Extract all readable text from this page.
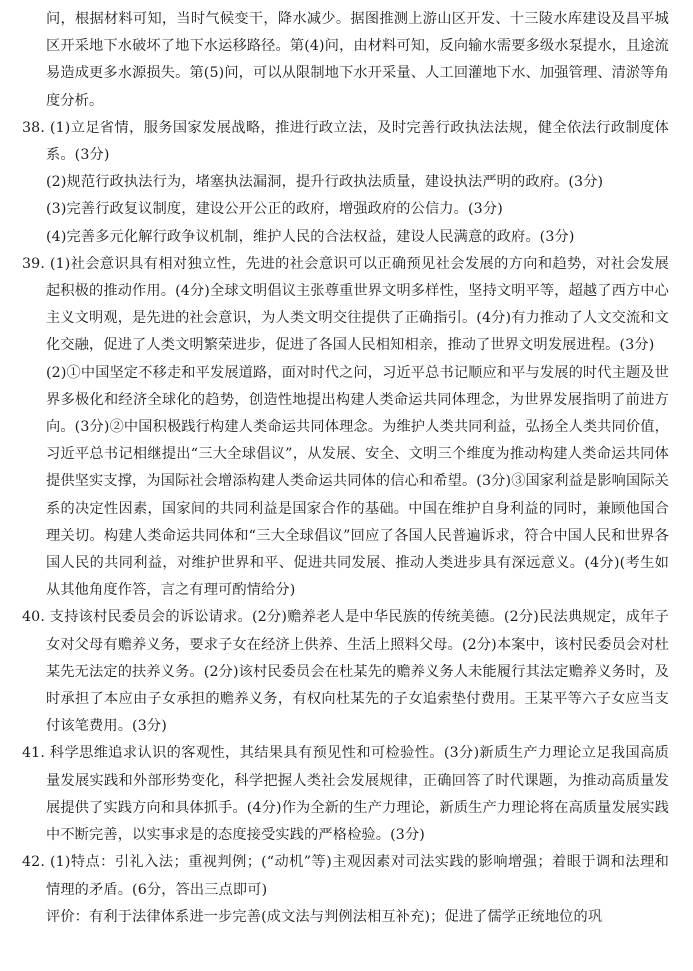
问，根据材料可知，当时气候变干，降水减少。据图推测上游山区开发、十三陵水库建设及昌平城区开采地下水破坏了地下水运移路径。第(4)问，由材料可知，反向输水需要多级水泵提水，且途流易造成更多水源损失。第(5)问，可以从限制地下水开采量、人工回灌地下水、加强管理、清淤等角度分析。

38. (1)立足省情，服务国家发展战略，推进行政立法，及时完善行政执法法规，健全依法行政制度体系。(3分)

(2)规范行政执法行为，堵塞执法漏洞，提升行政执法质量，建设执法严明的政府。(3分)

(3)完善行政复议制度，建设公开公正的政府，增强政府的公信力。(3分)

(4)完善多元化解行政争议机制，维护人民的合法权益，建设人民满意的政府。(3分)

39. (1)社会意识具有相对独立性，先进的社会意识可以正确预见社会发展的方向和趋势，对社会发展起积极的推动作用。(4分)全球文明倡议主张尊重世界文明多样性，坚持文明平等，超越了西方中心主义文明观，是先进的社会意识，为人类文明交往提供了正确指引。(4分)有力推动了人文交流和文化交融，促进了人类文明繁荣进步，促进了各国人民相知相亲，推动了世界文明发展进程。(3分)

(2)①中国坚定不移走和平发展道路，面对时代之问，习近平总书记顺应和平与发展的时代主题及世界多极化和经济全球化的趋势，创造性地提出构建人类命运共同体理念，为世界发展指明了前进方向。(3分)②中国积极践行构建人类命运共同体理念。为维护人类共同利益，弘扬全人类共同价值，习近平总书记相继提出“三大全球倡议”，从发展、安全、文明三个维度为推动构建人类命运共同体提供坚实支撑，为国际社会增添构建人类命运共同体的信心和希望。(3分)③国家利益是影响国际关系的决定性因素，国家间的共同利益是国家合作的基础。中国在维护自身利益的同时，兼顾他国合理关切。构建人类命运共同体和“三大全球倡议”回应了各国人民普遍诉求，符合中国人民和世界各国人民的共同利益，对维护世界和平、促进共同发展、推动人类进步具有深远意义。(4分)(考生如从其他角度作答，言之有理可酌情给分)

40. 支持该村民委员会的诉讼请求。(2分)赡养老人是中华民族的传统美德。(2分)民法典规定，成年子女对父母有赡养义务，要求子女在经济上供养、生活上照料父母。(2分)本案中，该村民委员会对杜某先无法定的扶养义务。(2分)该村民委员会在杜某先的赡养义务人未能履行其法定赡养义务时，及时承担了本应由子女承担的赡养义务，有权向杜某先的子女追索垫付费用。王某平等六子女应当支付该笔费用。(3分)

41. 科学思维追求认识的客观性，其结果具有预见性和可检验性。(3分)新质生产力理论立足我国高质量发展实践和外部形势变化，科学把握人类社会发展规律，正确回答了时代课题，为推动高质量发展提供了实践方向和具体抓手。(4分)作为全新的生产力理论，新质生产力理论将在高质量发展实践中不断完善，以实事求是的态度接受实践的严格检验。(3分)

42. (1)特点：引礼入法；重视判例；(“动机”等)主观因素对司法实践的影响增强；着眼于调和法理和情理的矛盾。(6分，答出三点即可)

评价：有利于法律体系进一步完善(成文法与判例法相互补充)；促进了儒学正统地位的巩
